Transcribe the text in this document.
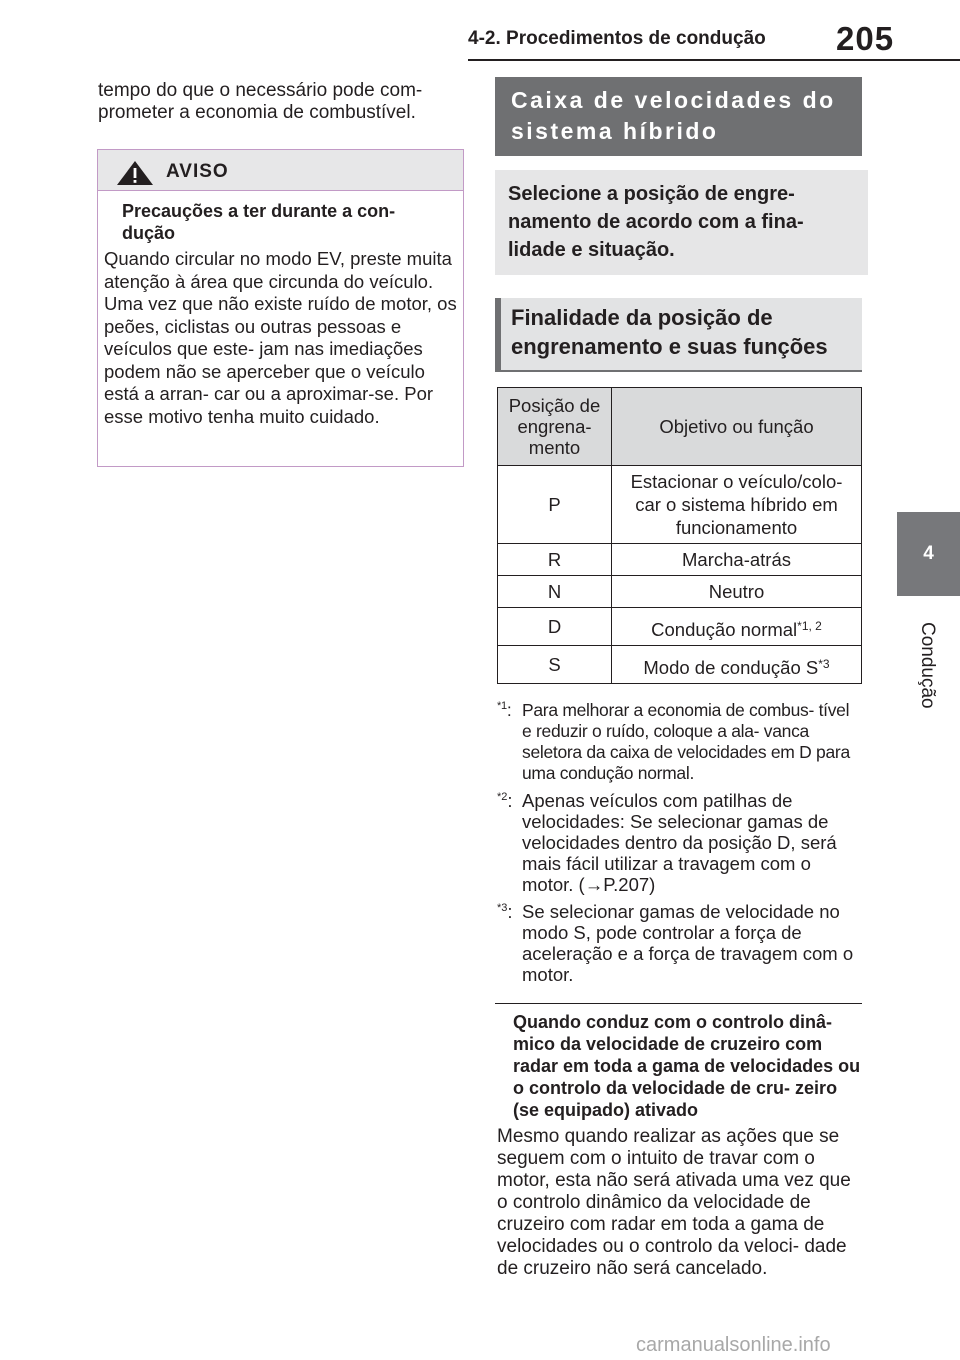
4-2. Procedimentos de condução 205
4
Condução

tempo do que o necessário pode com- prometer a economia de combustível.

AVISO
Precauções a ter durante a con- dução
Quando circular no modo EV, preste muita atenção à área que circunda do veículo. Uma vez que não existe ruído de motor, os peões, ciclistas ou outras pessoas e veículos que este- jam nas imediações podem não se aperceber que o veículo está a arran- car ou a aproximar-se. Por esse motivo tenha muito cuidado.
Caixa de velocidades do sistema híbrido
Selecione a posição de engre- namento de acordo com a fina- lidade e situação.
Finalidade da posição de engrenamento e suas funções
Posição de engrena- mento	Objetivo ou função
P	Estacionar o veículo/colo- car o sistema híbrido em funcionamento
R	Marcha-atrás
N	Neutro
D	Condução normal$^{*1, 2}$
S	Modo de condução $S^{*3}$
$^{*1}$: Para melhorar a economia de combus- tível e reduzir o ruído, coloque a ala- vanca seletora da caixa de velocidades em D para uma condução normal.
$^{*2}$: Apenas veículos com patilhas de velocidades: Se selecionar gamas de velocidades dentro da posição D, será mais fácil utilizar a travagem com o motor. (→P.207)
$^{*3}$: Se selecionar gamas de velocidade no modo S, pode controlar a força de aceleração e a força de travagem com o motor.
Quando conduz com o controlo dinâ- mico da velocidade de cruzeiro com radar em toda a gama de velocidades ou o controlo da velocidade de cru- zeiro (se equipado) ativado
Mesmo quando realizar as ações que se seguem com o intuito de travar com o motor, esta não será ativada uma vez que o controlo dinâmico da velocidade de cruzeiro com radar em toda a gama de velocidades ou o controlo da veloci- dade de cruzeiro não será cancelado.
carmanualsonline.info
